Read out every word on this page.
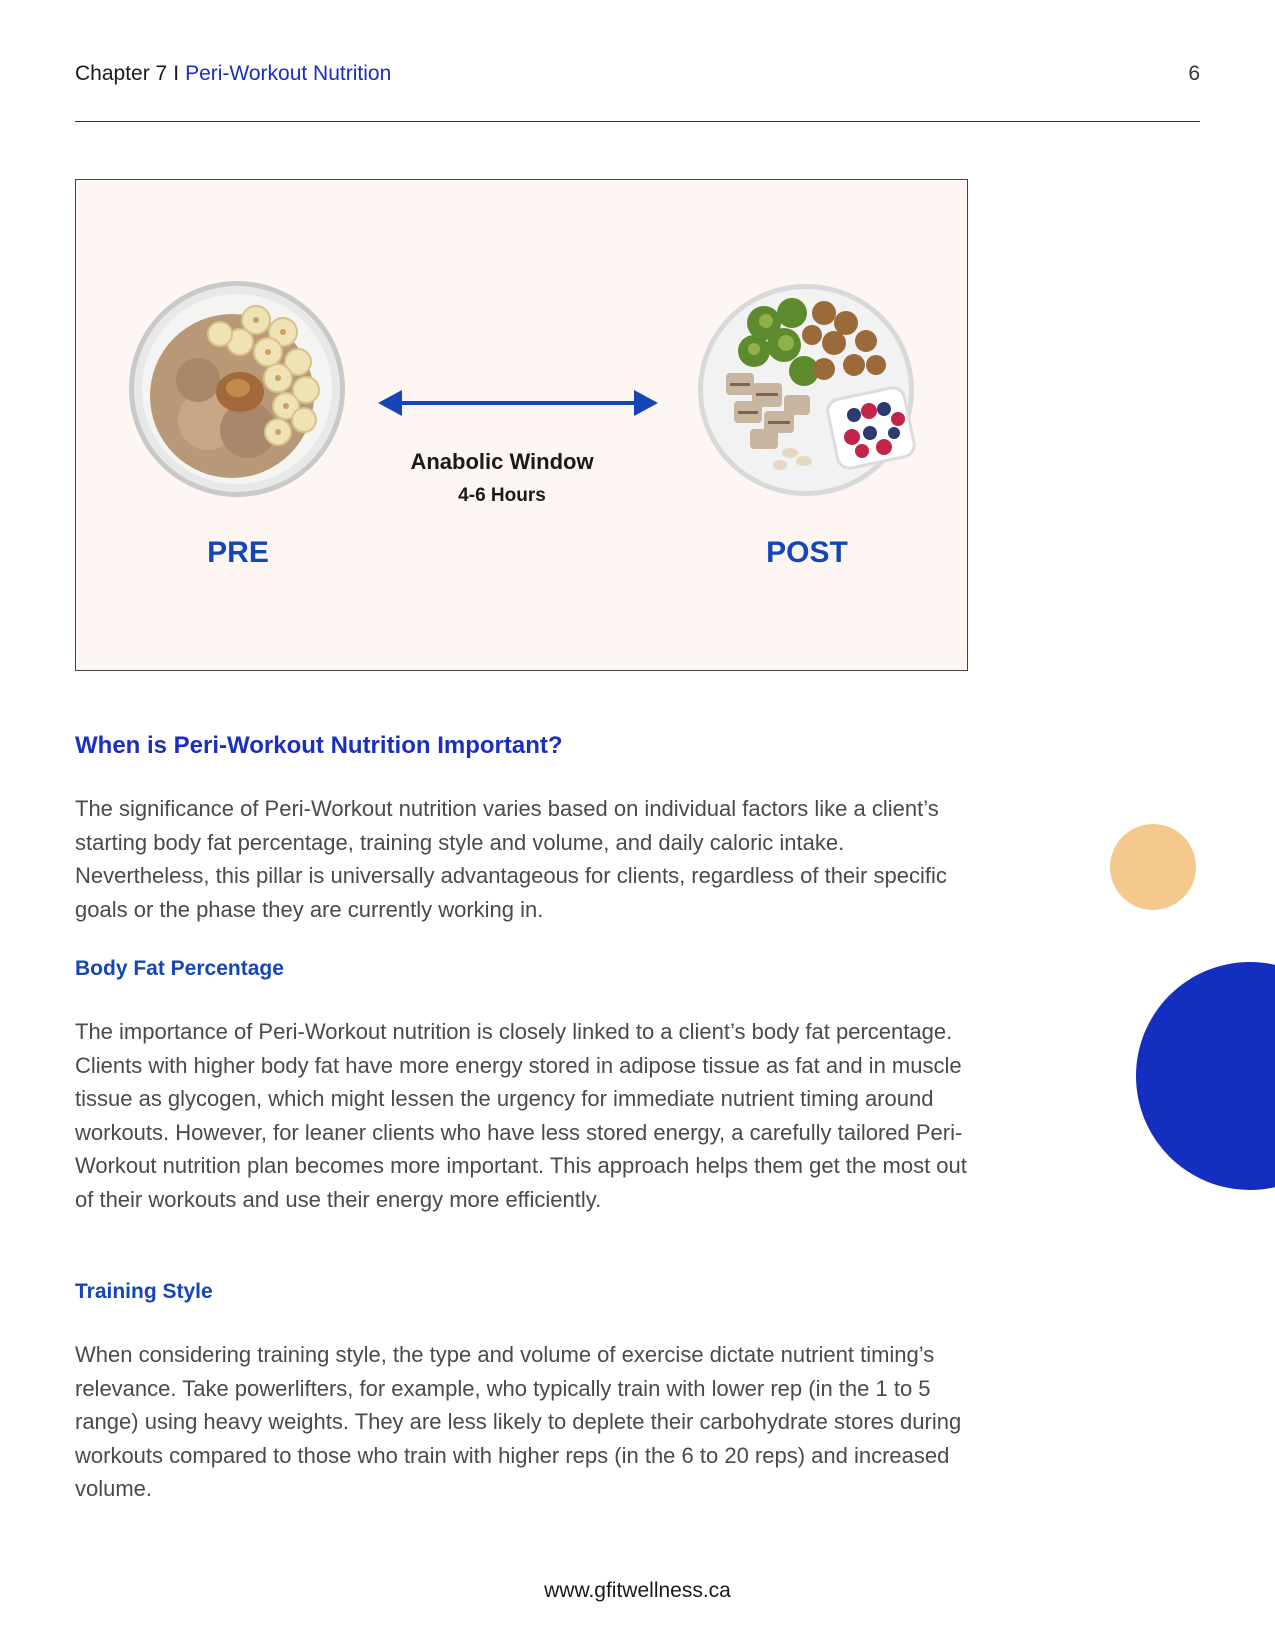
Chapter 7 I Peri-Workout Nutrition	6
Anabolic Window
4-6 Hours
PRE	POST
When is Peri-Workout Nutrition Important?

The significance of Peri-Workout nutrition varies based on individual factors like a client’s starting body fat percentage, training style and volume, and daily caloric intake. Nevertheless, this pillar is universally advantageous for clients, regardless of their specific goals or the phase they are currently working in.

Body Fat Percentage

The importance of Peri-Workout nutrition is closely linked to a client’s body fat percentage. Clients with higher body fat have more energy stored in adipose tissue as fat and in muscle tissue as glycogen, which might lessen the urgency for immediate nutrient timing around workouts. However, for leaner clients who have less stored energy, a carefully tailored Peri-Workout nutrition plan becomes more important. This approach helps them get the most out of their workouts and use their energy more efficiently.

Training Style

When considering training style, the type and volume of exercise dictate nutrient timing’s relevance. Take powerlifters, for example, who typically train with lower rep (in the 1 to 5 range) using heavy weights. They are less likely to deplete their carbohydrate stores during workouts compared to those who train with higher reps (in the 6 to 20 reps) and increased volume.

www.gfitwellness.ca
